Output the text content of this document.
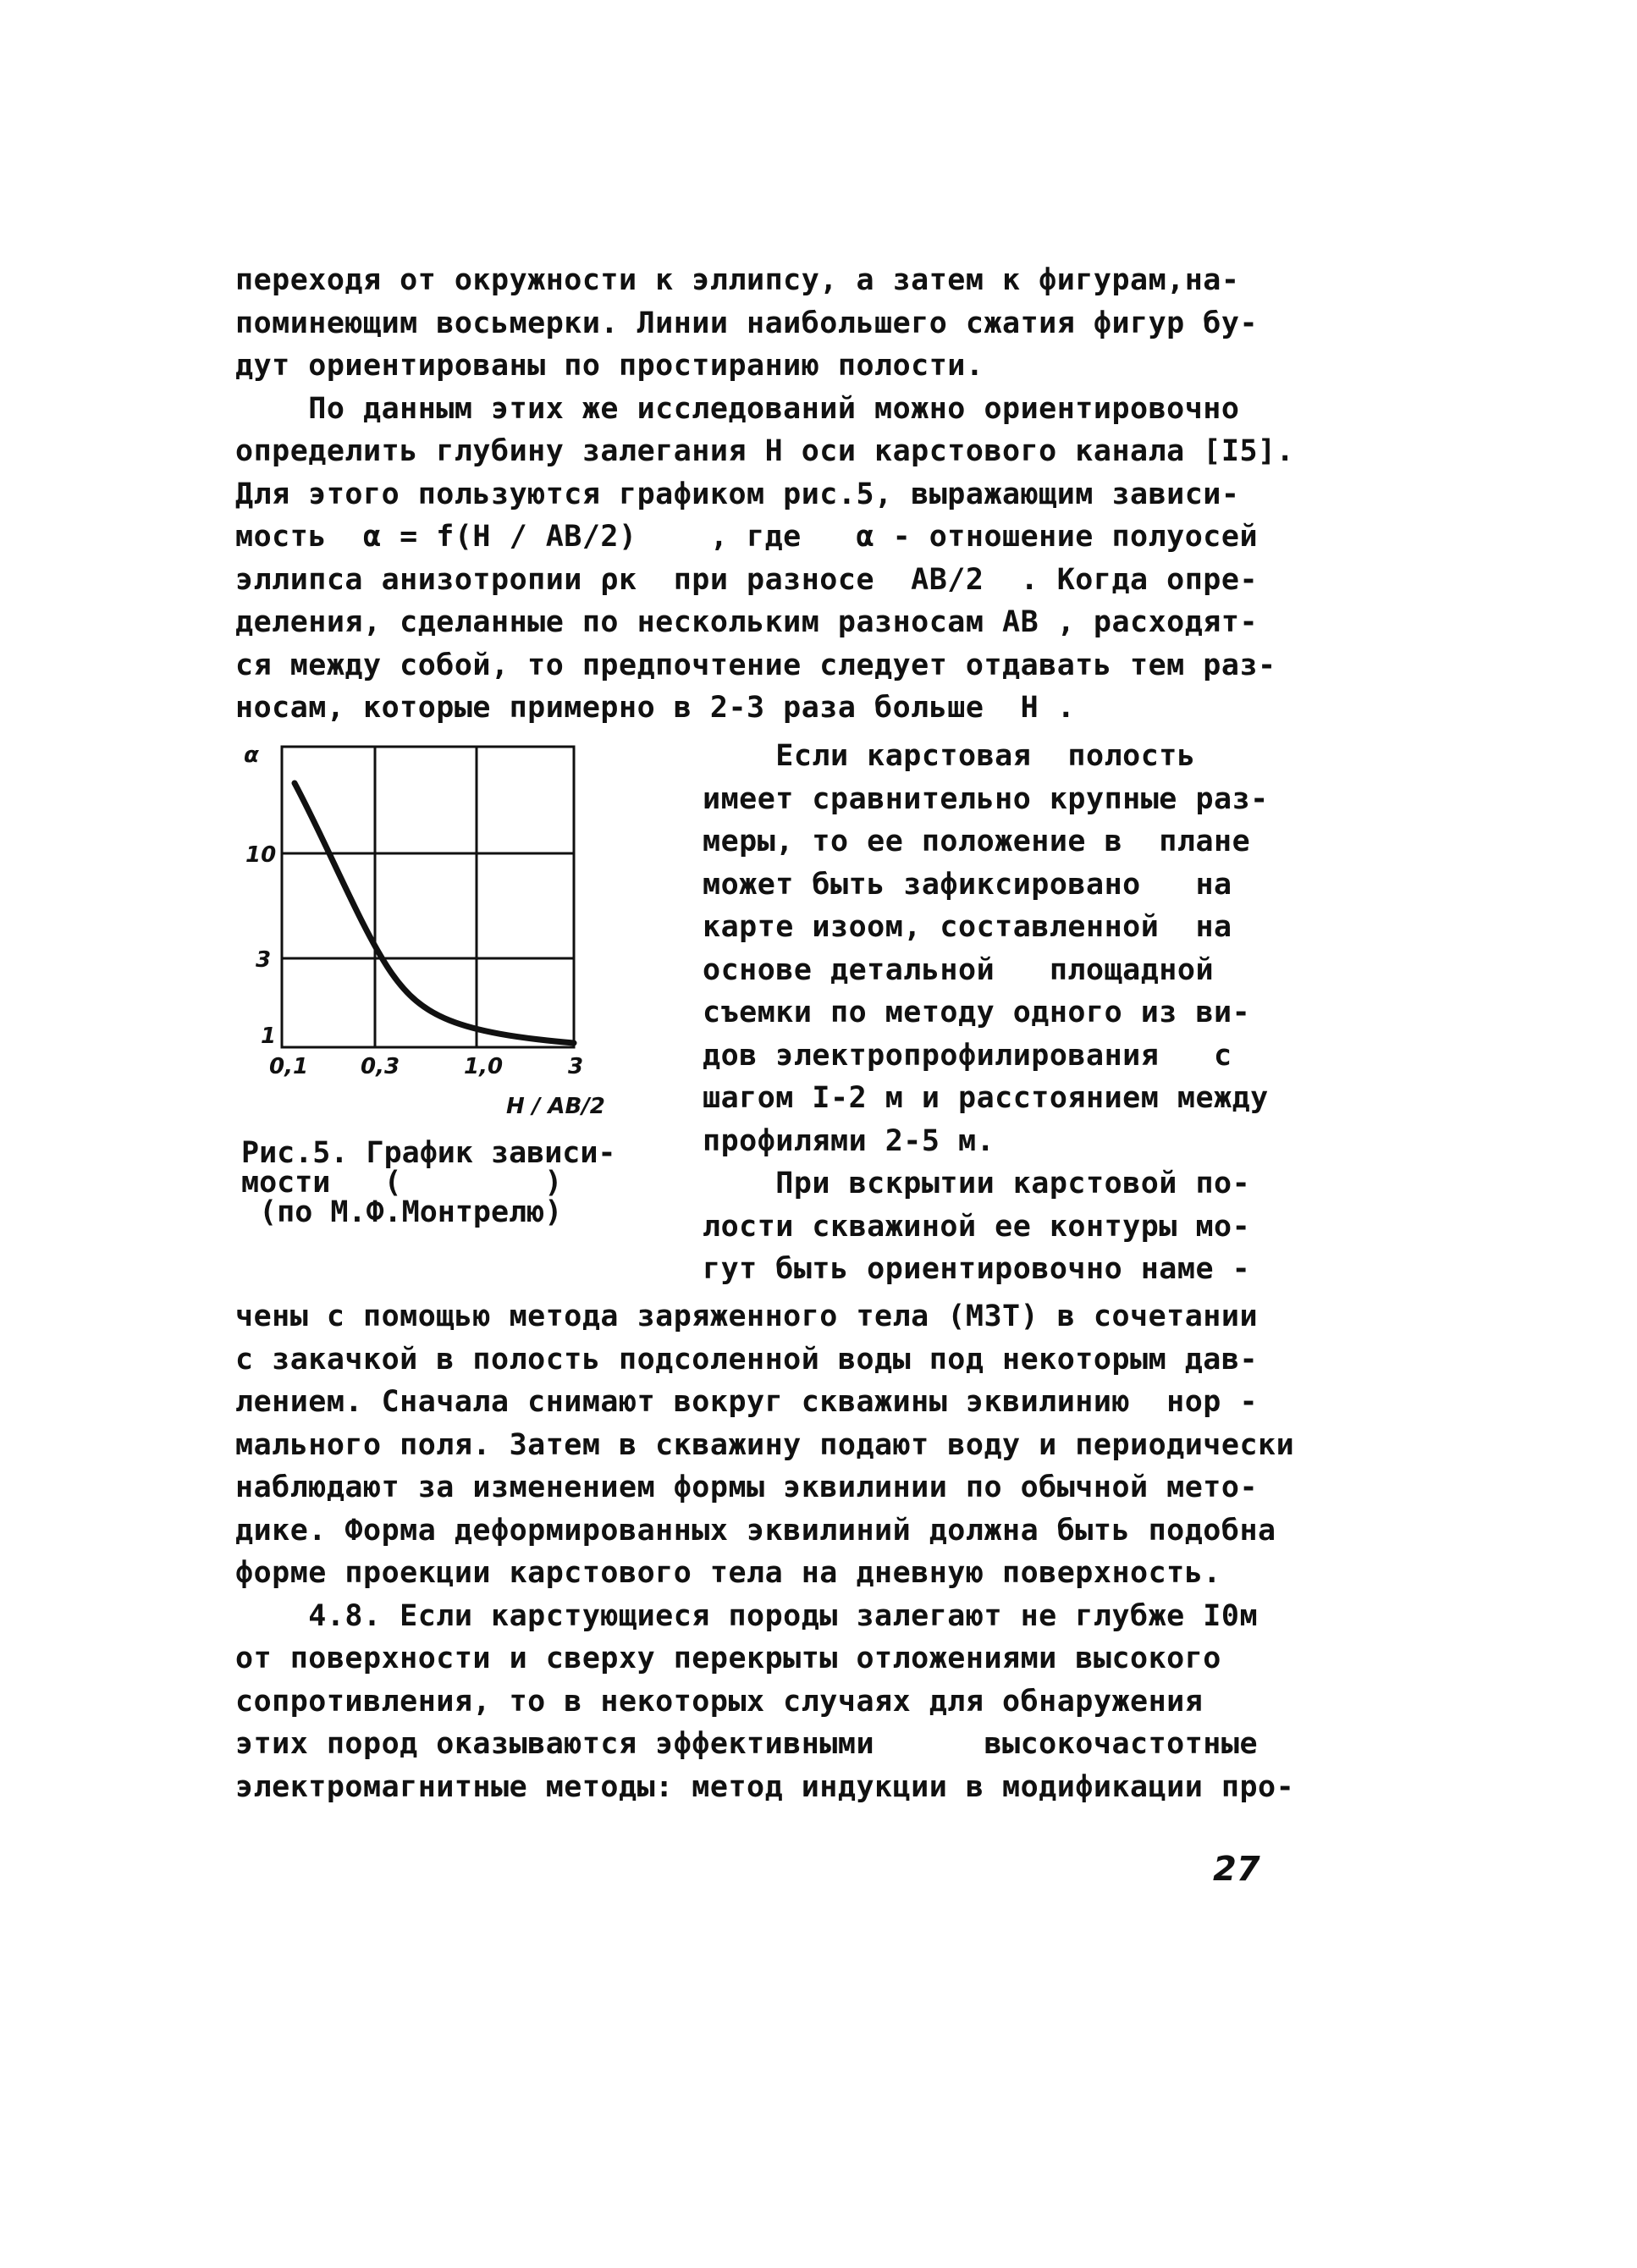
переходя от окружности к эллипсу, а затем к фигурам,на-
поминеющим восьмерки. Линии наибольшего сжатия фигур бу-
дут ориентированы по простиранию полости.
По данным этих же исследований можно ориентировочно
определить глубину залегания H оси карстового канала [I5].
Для этого пользуются графиком рис.5, выражающим зависи-
мость  α = f(H / AB/2)    , где   α - отношение полуосей
эллипса анизотропии ρк  при разносе  AB/2  . Когда опре-
деления, сделанные по нескольким разносам AB , расходят-
ся между собой, то предпочтение следует отдавать тем раз-
носам, которые примерно в 2-3 раза больше  H .
Если карстовая  полость
имеет сравнительно крупные раз-
меры, то ее положение в  плане
может быть зафиксировано   на
карте изоом, составленной  на
основе детальной   площадной
съемки по методу одного из ви-
дов электропрофилирования   с
шагом I-2 м и расстоянием между
профилями 2-5 м.
При вскрытии карстовой по-
лости скважиной ее контуры мо-
гут быть ориентировочно наме -
чены с помощью метода заряженного тела (МЗТ) в сочетании
с закачкой в полость подсоленной воды под некоторым дав-
лением. Сначала снимают вокруг скважины эквилинию  нор -
мального поля. Затем в скважину подают воду и периодически
наблюдают за изменением формы эквилинии по обычной мето-
дике. Форма деформированных эквилиний должна быть подобна
форме проекции карстового тела на дневную поверхность.
4.8. Если карстующиеся породы залегают не глубже I0м
от поверхности и сверху перекрыты отложениями высокого
сопротивления, то в некоторых случаях для обнаружения
этих пород оказываются эффективными      высокочастотные
электромагнитные методы: метод индукции в модификации про-
α
10
3
1
0,1 0,3	1,0	3
H / AB/2
Рис.5. График зависи-
мости   (        )
(по М.Ф.Монтрелю)
27
